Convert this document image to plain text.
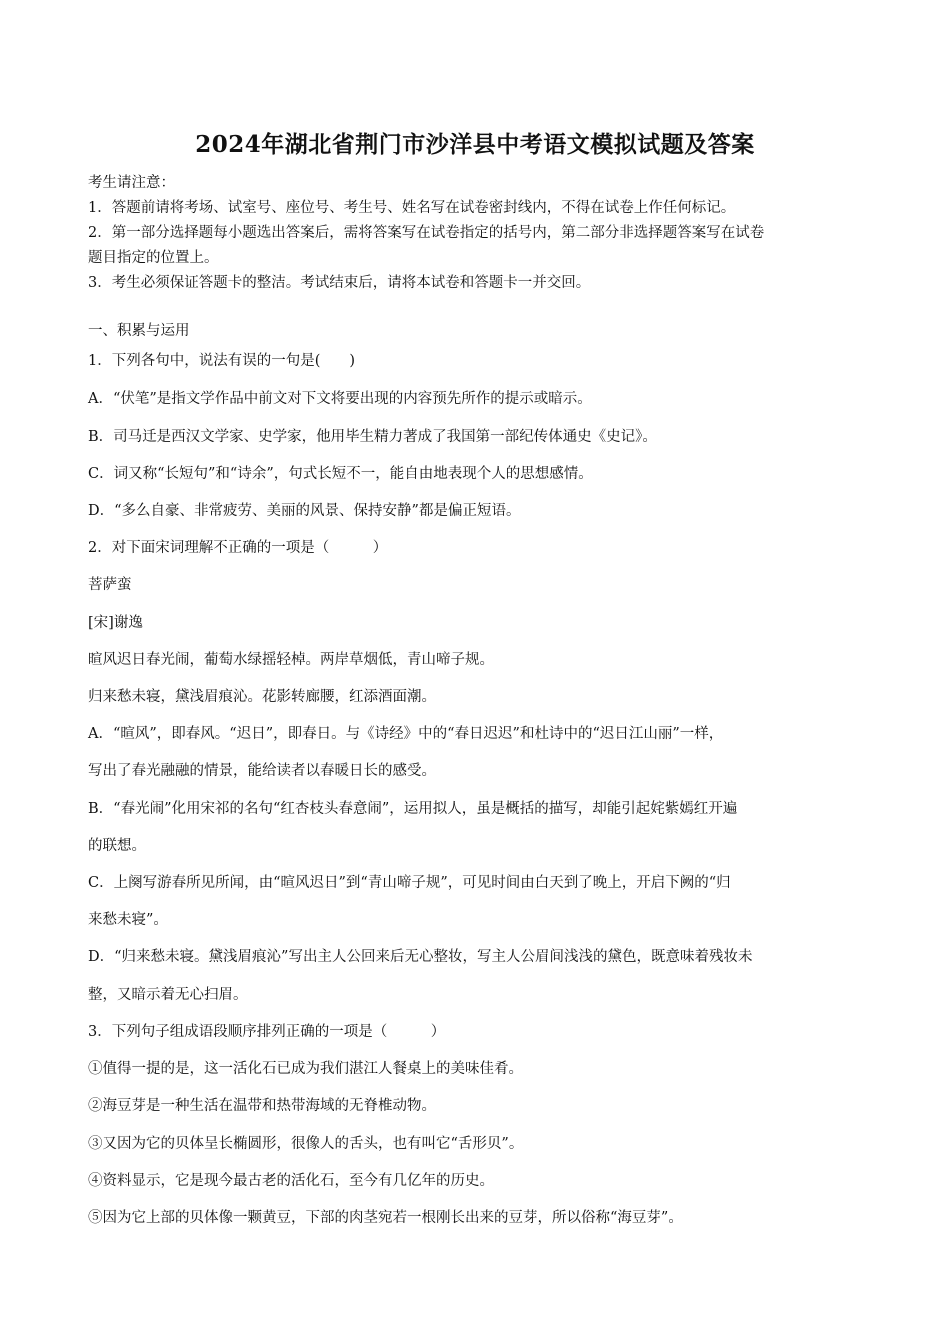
2024年湖北省荆门市沙洋县中考语文模拟试题及答案
考生请注意：
1．答题前请将考场、试室号、座位号、考生号、姓名写在试卷密封线内，不得在试卷上作任何标记。
2．第一部分选择题每小题选出答案后，需将答案写在试卷指定的括号内，第二部分非选择题答案写在试卷
题目指定的位置上。
3．考生必须保证答题卡的整洁。考试结束后，请将本试卷和答题卡一并交回。
一、积累与运用
1．下列各句中，说法有误的一句是(　　)
A．“伏笔”是指文学作品中前文对下文将要出现的内容预先所作的提示或暗示。
B．司马迁是西汉文学家、史学家，他用毕生精力著成了我国第一部纪传体通史《史记》。
C．词又称“长短句”和“诗余”，句式长短不一，能自由地表现个人的思想感情。
D．“多么自豪、非常疲劳、美丽的风景、保持安静”都是偏正短语。
2．对下面宋词理解不正确的一项是（　　　）
菩萨蛮
[宋]谢逸
暄风迟日春光闹，葡萄水绿摇轻棹。两岸草烟低，青山啼子规。
归来愁未寝，黛浅眉痕沁。花影转廊腰，红添酒面潮。
A．“暄风”，即春风。“迟日”，即春日。与《诗经》中的“春日迟迟”和杜诗中的“迟日江山丽”一样，
写出了春光融融的情景，能给读者以春暖日长的感受。
B．“春光闹”化用宋祁的名句“红杏枝头春意闹”，运用拟人，虽是概括的描写，却能引起姹紫嫣红开遍
的联想。
C．上阕写游春所见所闻，由“暄风迟日”到“青山啼子规”，可见时间由白天到了晚上，开启下阙的“归
来愁未寝”。
D．“归来愁未寝。黛浅眉痕沁”写出主人公回来后无心整妆，写主人公眉间浅浅的黛色，既意味着残妆未
整，又暗示着无心扫眉。
3．下列句子组成语段顺序排列正确的一项是（　　　）
①值得一提的是，这一活化石已成为我们湛江人餐桌上的美味佳肴。
②海豆芽是一种生活在温带和热带海域的无脊椎动物。
③又因为它的贝体呈长椭圆形，很像人的舌头，也有叫它“舌形贝”。
④资料显示，它是现今最古老的活化石，至今有几亿年的历史。
⑤因为它上部的贝体像一颗黄豆，下部的肉茎宛若一根刚长出来的豆芽，所以俗称“海豆芽”。
